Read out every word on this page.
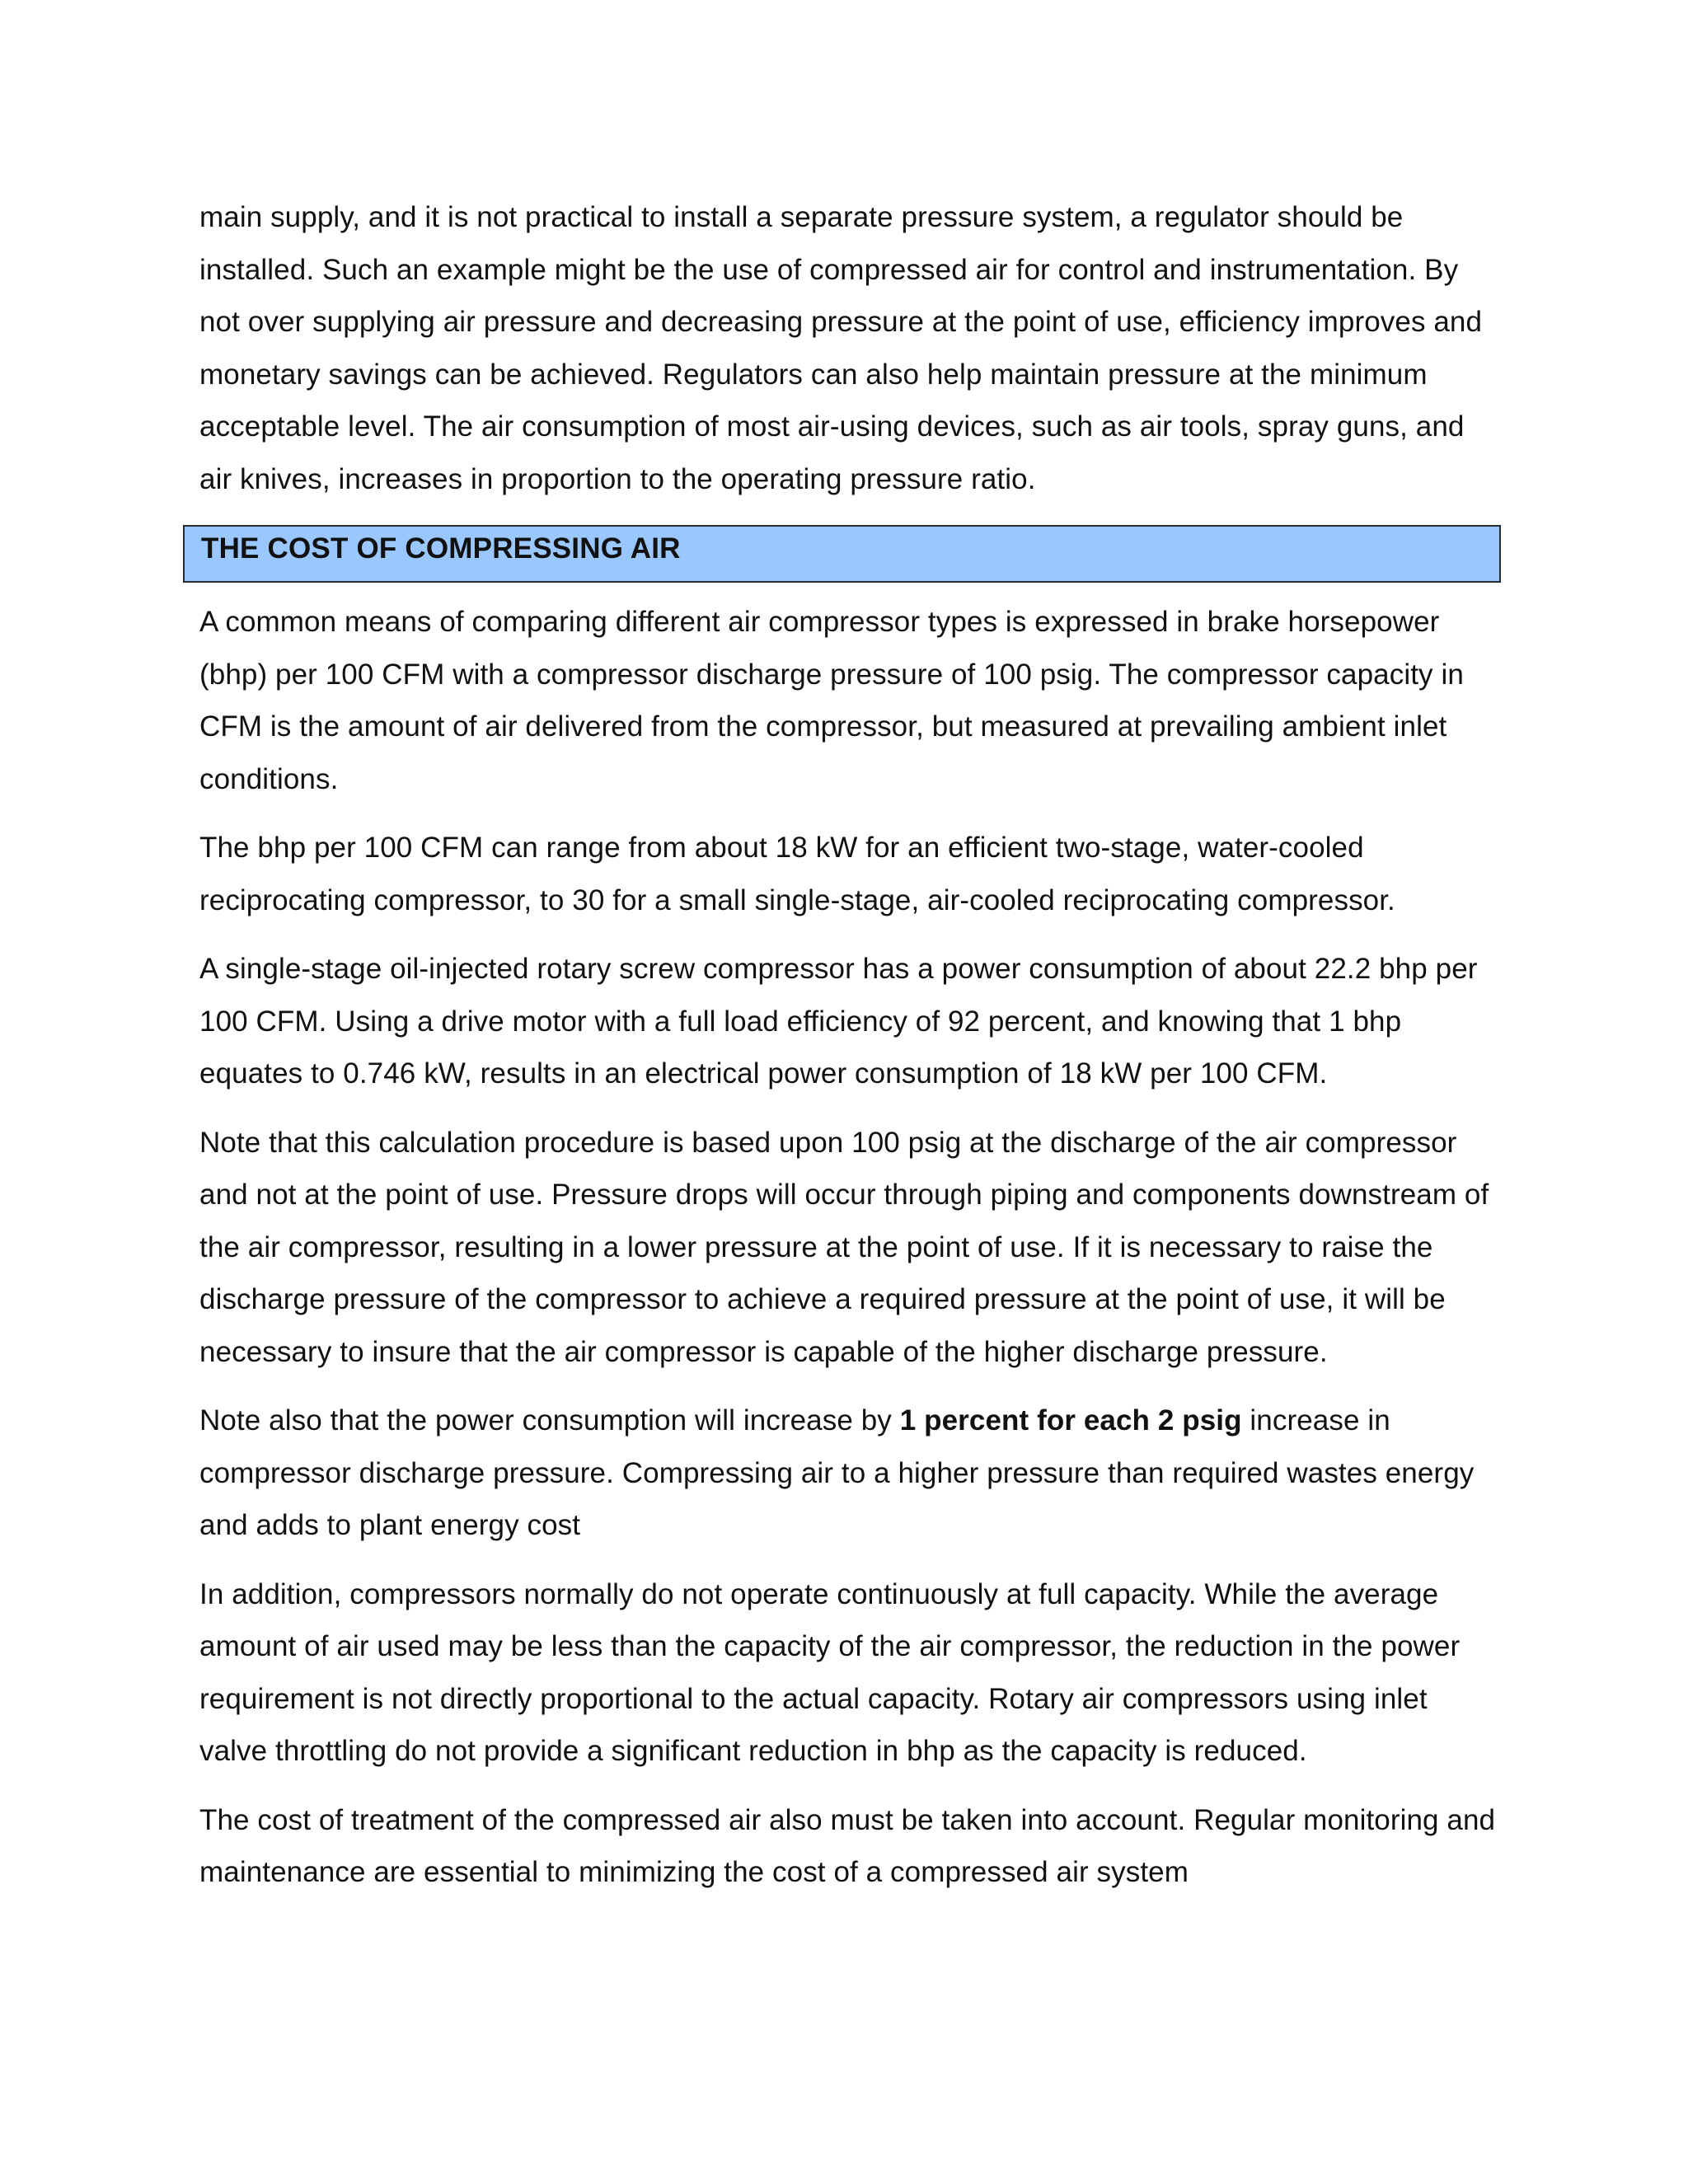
main supply, and it is not practical to install a separate pressure system, a regulator should be installed. Such an example might be the use of compressed air for control and instrumentation. By not over supplying air pressure and decreasing pressure at the point of use, efficiency improves and monetary savings can be achieved. Regulators can also help maintain pressure at the minimum acceptable level. The air consumption of most air-using devices, such as air tools, spray guns, and air knives, increases in proportion to the operating pressure ratio.

THE COST OF COMPRESSING AIR

A common means of comparing different air compressor types is expressed in brake horsepower (bhp) per 100 CFM with a compressor discharge pressure of 100 psig. The compressor capacity in CFM is the amount of air delivered from the compressor, but measured at prevailing ambient inlet conditions.

The bhp per 100 CFM can range from about 18 kW for an efficient two-stage, water-cooled reciprocating compressor, to 30 for a small single-stage, air-cooled reciprocating compressor.

A single-stage oil-injected rotary screw compressor has a power consumption of about 22.2 bhp per 100 CFM. Using a drive motor with a full load efficiency of 92 percent, and knowing that 1 bhp equates to 0.746 kW, results in an electrical power consumption of 18 kW per 100 CFM.

Note that this calculation procedure is based upon 100 psig at the discharge of the air compressor and not at the point of use. Pressure drops will occur through piping and components downstream of the air compressor, resulting in a lower pressure at the point of use. If it is necessary to raise the discharge pressure of the compressor to achieve a required pressure at the point of use, it will be necessary to insure that the air compressor is capable of the higher discharge pressure.

Note also that the power consumption will increase by 1 percent for each 2 psig increase in compressor discharge pressure. Compressing air to a higher pressure than required wastes energy and adds to plant energy cost

In addition, compressors normally do not operate continuously at full capacity. While the average amount of air used may be less than the capacity of the air compressor, the reduction in the power requirement is not directly proportional to the actual capacity. Rotary air compressors using inlet valve throttling do not provide a significant reduction in bhp as the capacity is reduced.

The cost of treatment of the compressed air also must be taken into account. Regular monitoring and maintenance are essential to minimizing the cost of a compressed air system
